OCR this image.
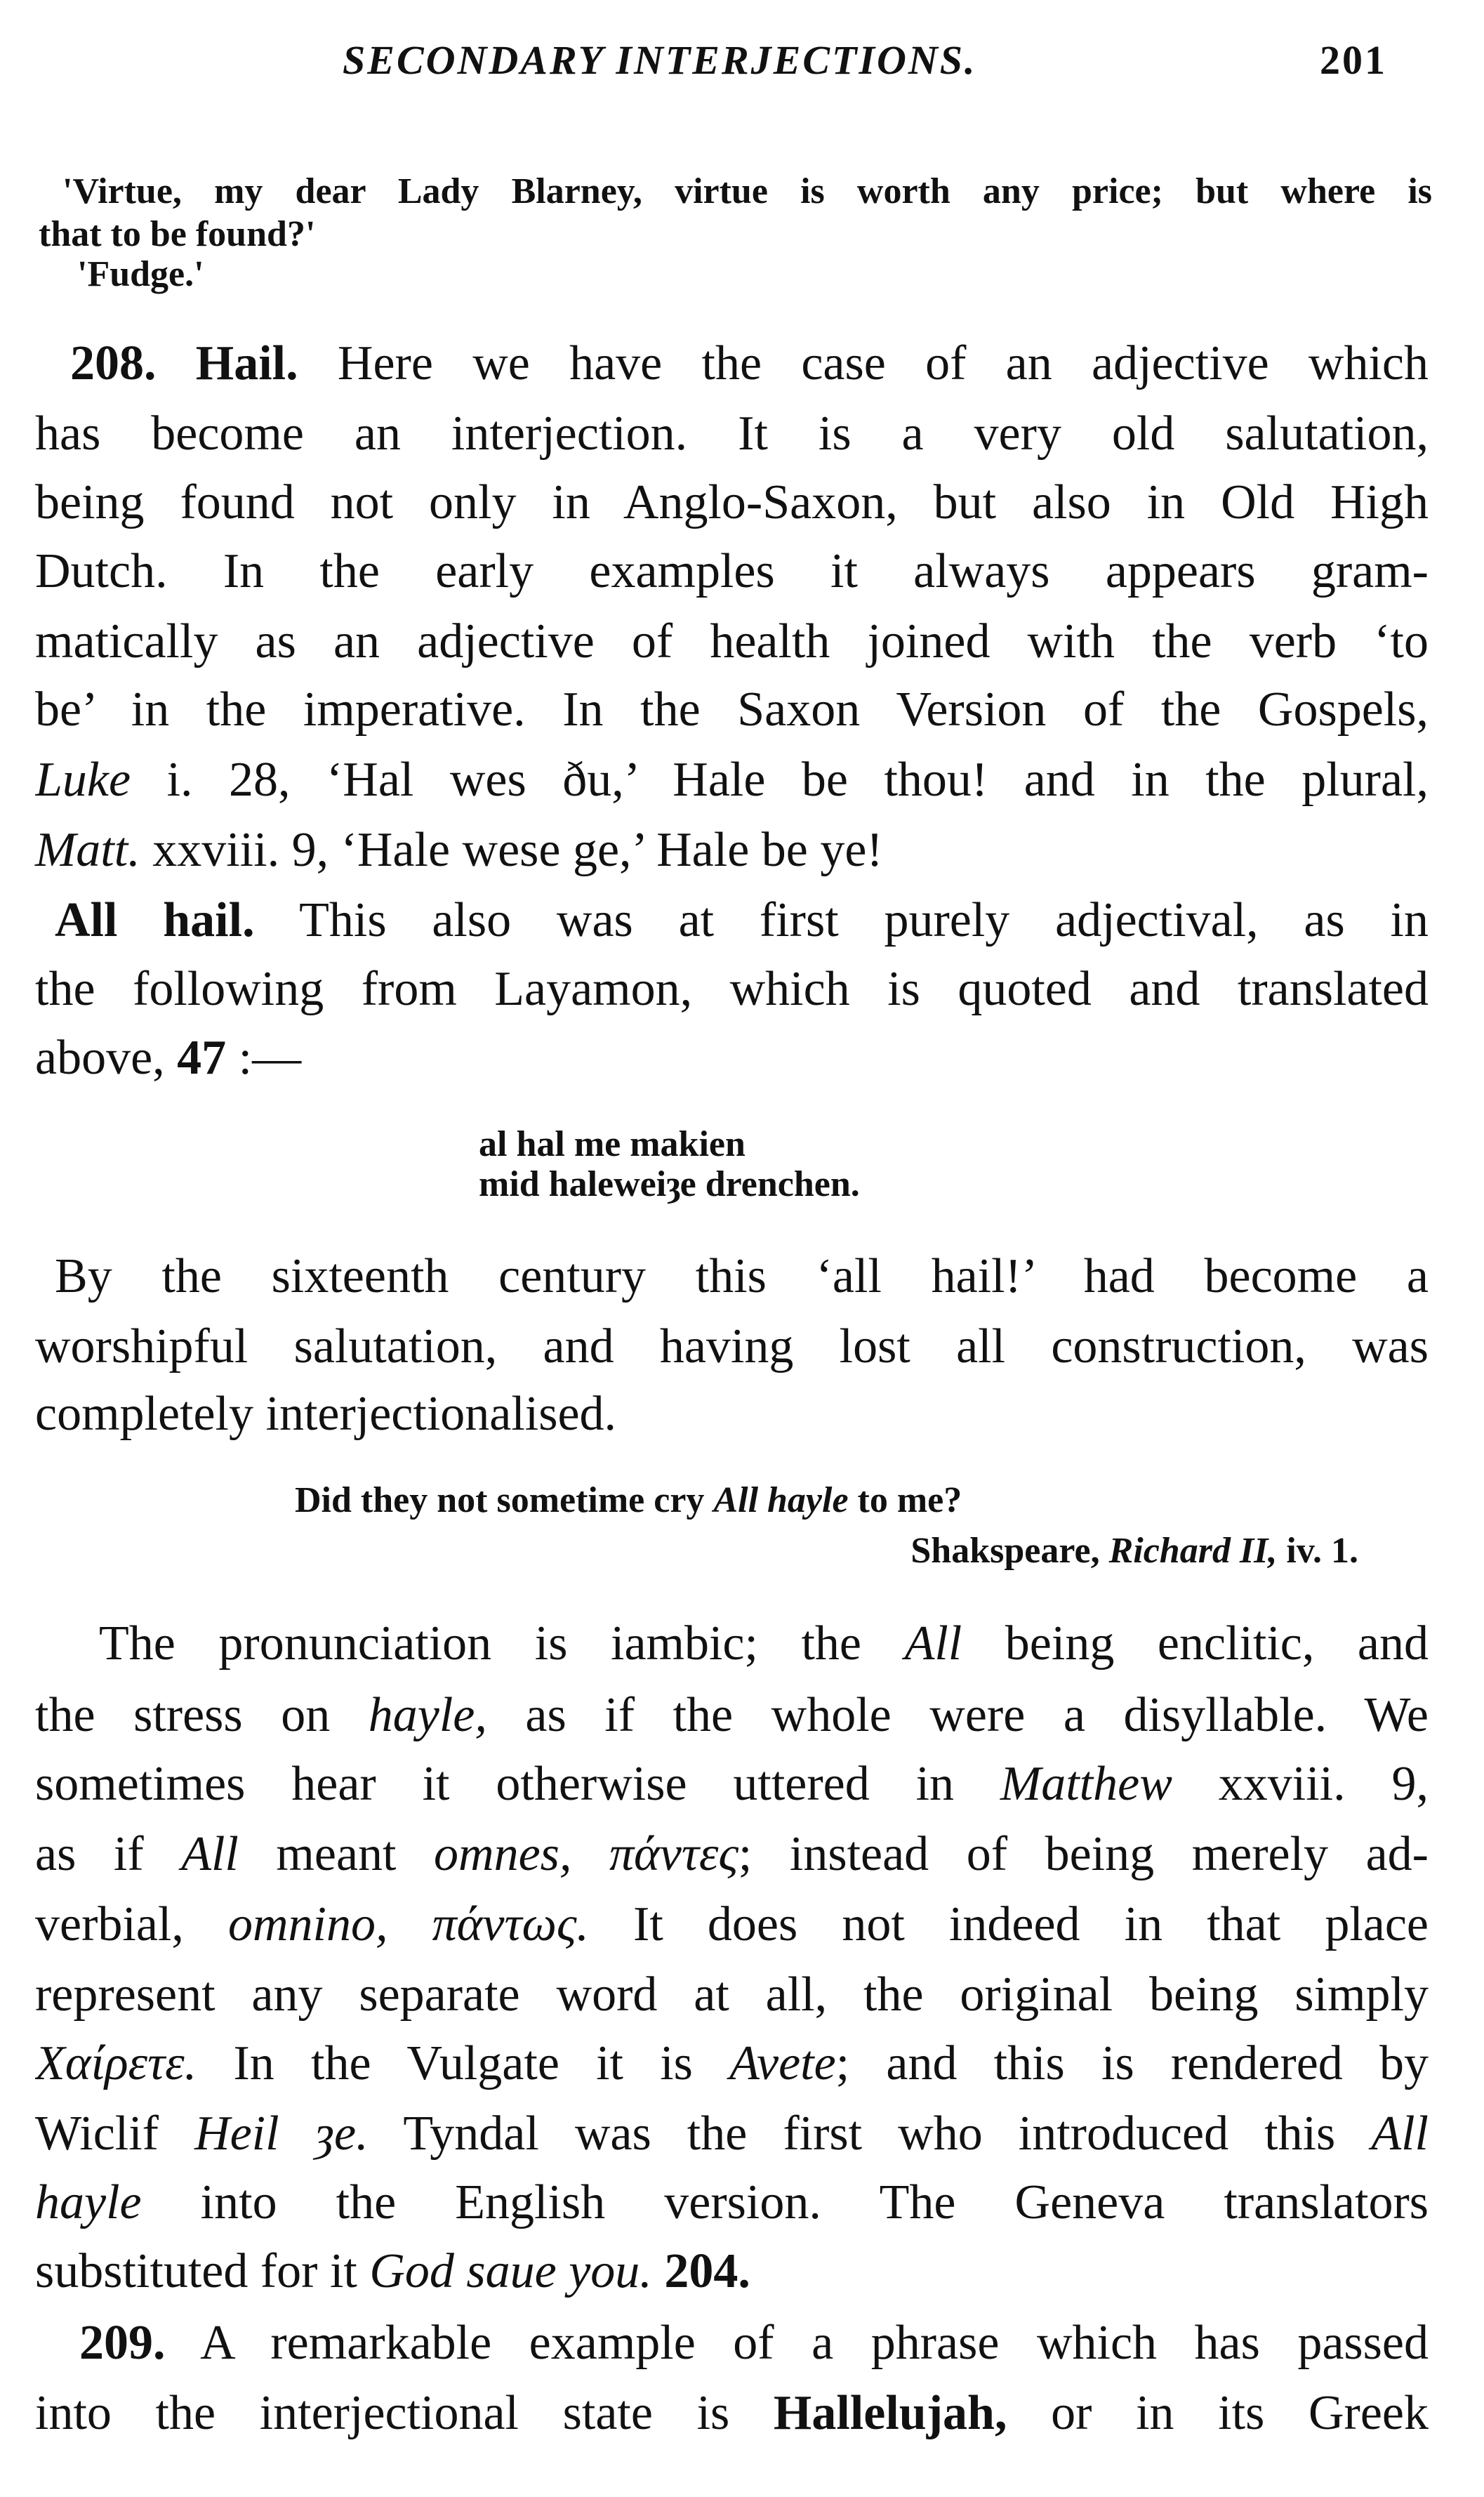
SECONDARY INTERJECTIONS.	201
'Virtue, my dear Lady Blarney, virtue is worth any price; but where is
that to be found?'
'Fudge.'
208. Hail. Here we have the case of an adjective which
has become an interjection. It is a very old salutation,
being found not only in Anglo-Saxon, but also in Old High
Dutch. In the early examples it always appears gram-
matically as an adjective of health joined with the verb ‘to
be’ in the imperative. In the Saxon Version of the Gospels,
Luke i. 28, ‘Hal wes ðu,’ Hale be thou! and in the plural,
Matt. xxviii. 9, ‘Hale wese ge,’ Hale be ye!
All hail. This also was at first purely adjectival, as in
the following from Layamon, which is quoted and translated
above, 47 :—
al hal me makien
mid haleweiȝe drenchen.
By the sixteenth century this ‘all hail!’ had become a
worshipful salutation, and having lost all construction, was
completely interjectionalised.
Did they not sometime cry All hayle to me?
Shakspeare, Richard II, iv. 1.
The pronunciation is iambic; the All being enclitic, and
the stress on hayle, as if the whole were a disyllable. We
sometimes hear it otherwise uttered in Matthew xxviii. 9,
as if All meant omnes, πάντες; instead of being merely ad-
verbial, omnino, πάντως. It does not indeed in that place
represent any separate word at all, the original being simply
Χαίρετε. In the Vulgate it is Avete; and this is rendered by
Wiclif Heil ȝe. Tyndal was the first who introduced this All
hayle into the English version. The Geneva translators
substituted for it God saue you. 204.
209. A remarkable example of a phrase which has passed
into the interjectional state is Hallelujah, or in its Greek
